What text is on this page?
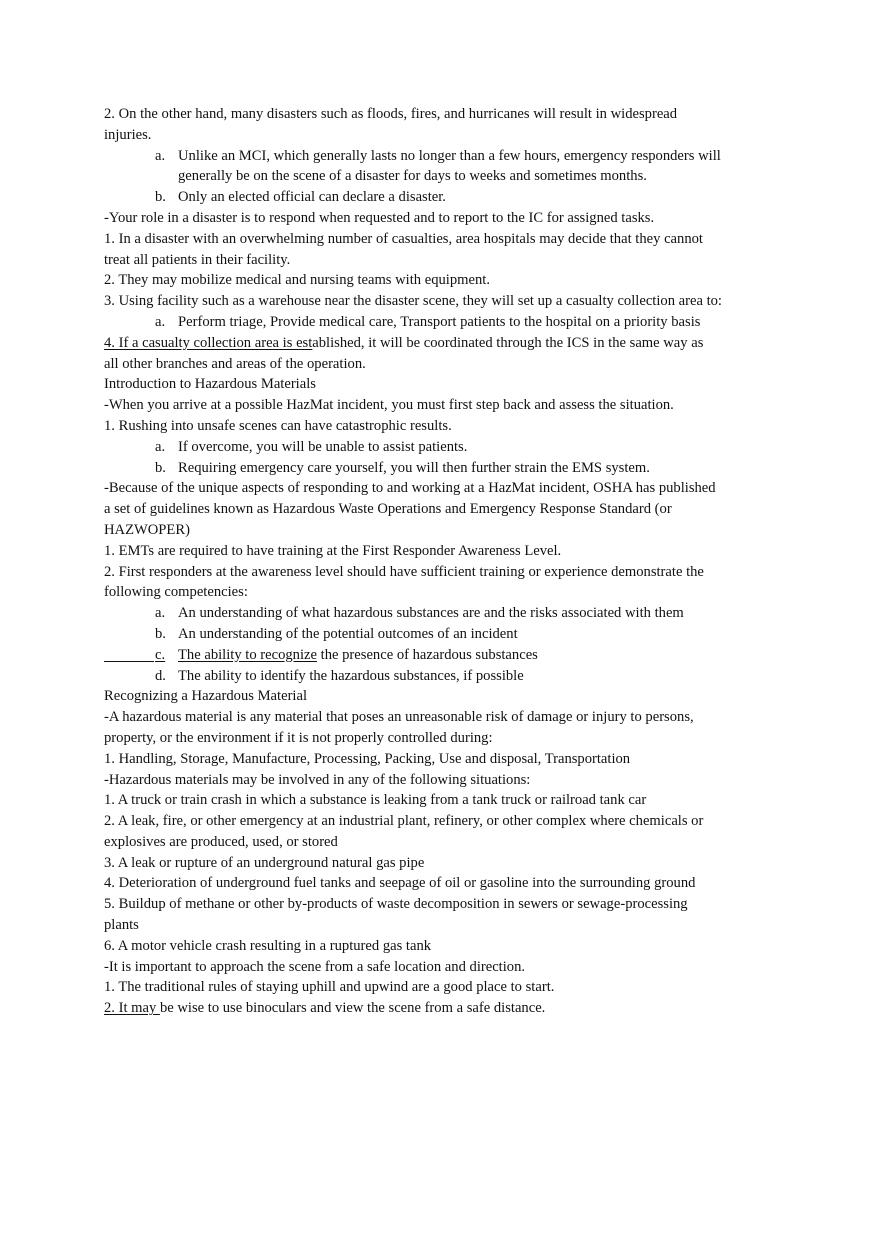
2. On the other hand, many disasters such as floods, fires, and hurricanes will result in widespread
injuries.
a. Unlike an MCI, which generally lasts no longer than a few hours, emergency responders will
generally be on the scene of a disaster for days to weeks and sometimes months.
b. Only an elected official can declare a disaster.
-Your role in a disaster is to respond when requested and to report to the IC for assigned tasks.
1. In a disaster with an overwhelming number of casualties, area hospitals may decide that they cannot
treat all patients in their facility.
2. They may mobilize medical and nursing teams with equipment.
3. Using facility such as a warehouse near the disaster scene, they will set up a casualty collection area to:
a. Perform triage, Provide medical care, Transport patients to the hospital on a priority basis
4. If a casualty collection area is established, it will be coordinated through the ICS in the same way as
all other branches and areas of the operation.
Introduction to Hazardous Materials
-When you arrive at a possible HazMat incident, you must first step back and assess the situation.
1. Rushing into unsafe scenes can have catastrophic results.
a. If overcome, you will be unable to assist patients.
b. Requiring emergency care yourself, you will then further strain the EMS system.
-Because of the unique aspects of responding to and working at a HazMat incident, OSHA has published
a set of guidelines known as Hazardous Waste Operations and Emergency Response Standard (or
HAZWOPER)
1. EMTs are required to have training at the First Responder Awareness Level.
2. First responders at the awareness level should have sufficient training or experience demonstrate the
following competencies:
a. An understanding of what hazardous substances are and the risks associated with them
b. An understanding of the potential outcomes of an incident
c. The ability to recognize the presence of hazardous substances
d. The ability to identify the hazardous substances, if possible
Recognizing a Hazardous Material
-A hazardous material is any material that poses an unreasonable risk of damage or injury to persons,
property, or the environment if it is not properly controlled during:
1. Handling, Storage, Manufacture, Processing, Packing, Use and disposal, Transportation
-Hazardous materials may be involved in any of the following situations:
1. A truck or train crash in which a substance is leaking from a tank truck or railroad tank car
2. A leak, fire, or other emergency at an industrial plant, refinery, or other complex where chemicals or
explosives are produced, used, or stored
3. A leak or rupture of an underground natural gas pipe
4. Deterioration of underground fuel tanks and seepage of oil or gasoline into the surrounding ground
5. Buildup of methane or other by-products of waste decomposition in sewers or sewage-processing
plants
6. A motor vehicle crash resulting in a ruptured gas tank
-It is important to approach the scene from a safe location and direction.
1. The traditional rules of staying uphill and upwind are a good place to start.
2. It may be wise to use binoculars and view the scene from a safe distance.
